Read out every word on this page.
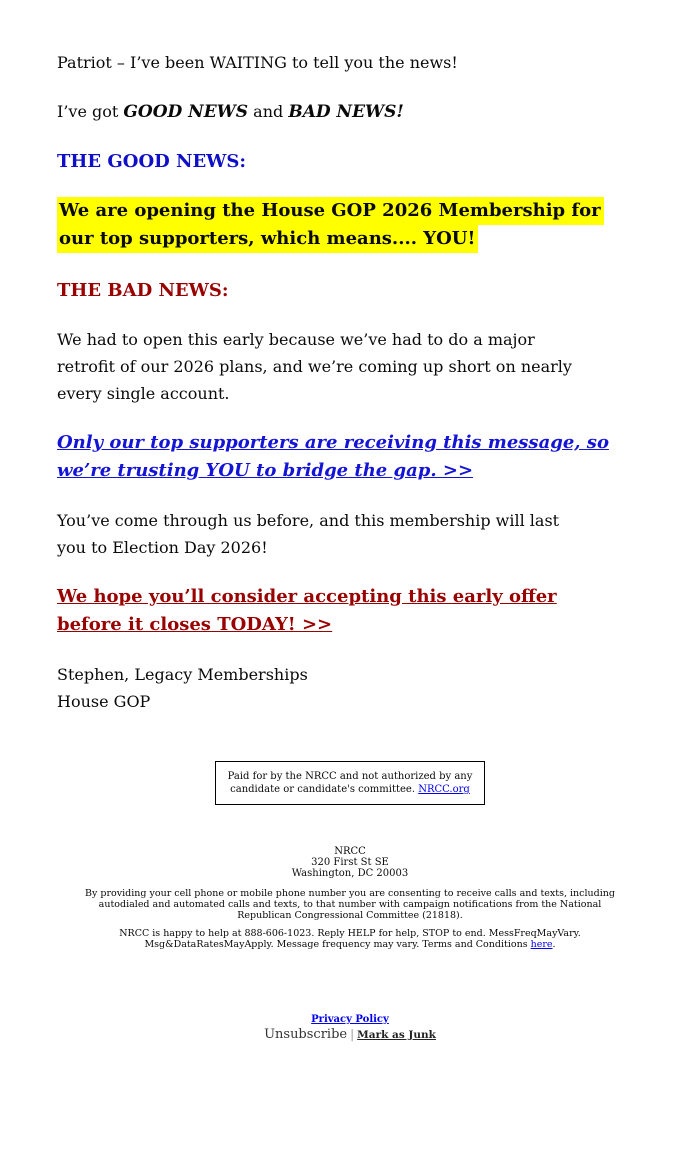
Patriot – I’ve been WAITING to tell you the news!

I’ve got GOOD NEWS and BAD NEWS!

THE GOOD NEWS:

We are opening the House GOP 2026 Membership for
our top supporters, which means.... YOU!

THE BAD NEWS:

We had to open this early because we’ve had to do a major
retrofit of our 2026 plans, and we’re coming up short on nearly
every single account.
Only our top supporters are receiving this message, so
we’re trusting YOU to bridge the gap. >>
You’ve come through us before, and this membership will last
you to Election Day 2026!
We hope you’ll consider accepting this early offer
before it closes TODAY! >>
Stephen, Legacy Memberships
House GOP
Paid for by the NRCC and not authorized by any
candidate or candidate's committee. NRCC.org
NRCC
320 First St SE
Washington, DC 20003
By providing your cell phone or mobile phone number you are consenting to receive calls and texts, including
autodialed and automated calls and texts, to that number with campaign notifications from the National
Republican Congressional Committee (21818).
NRCC is happy to help at 888-606-1023. Reply HELP for help, STOP to end. MessFreqMayVary.
Msg&DataRatesMayApply. Message frequency may vary. Terms and Conditions here.
Privacy Policy
Unsubscribe | Mark as Junk
